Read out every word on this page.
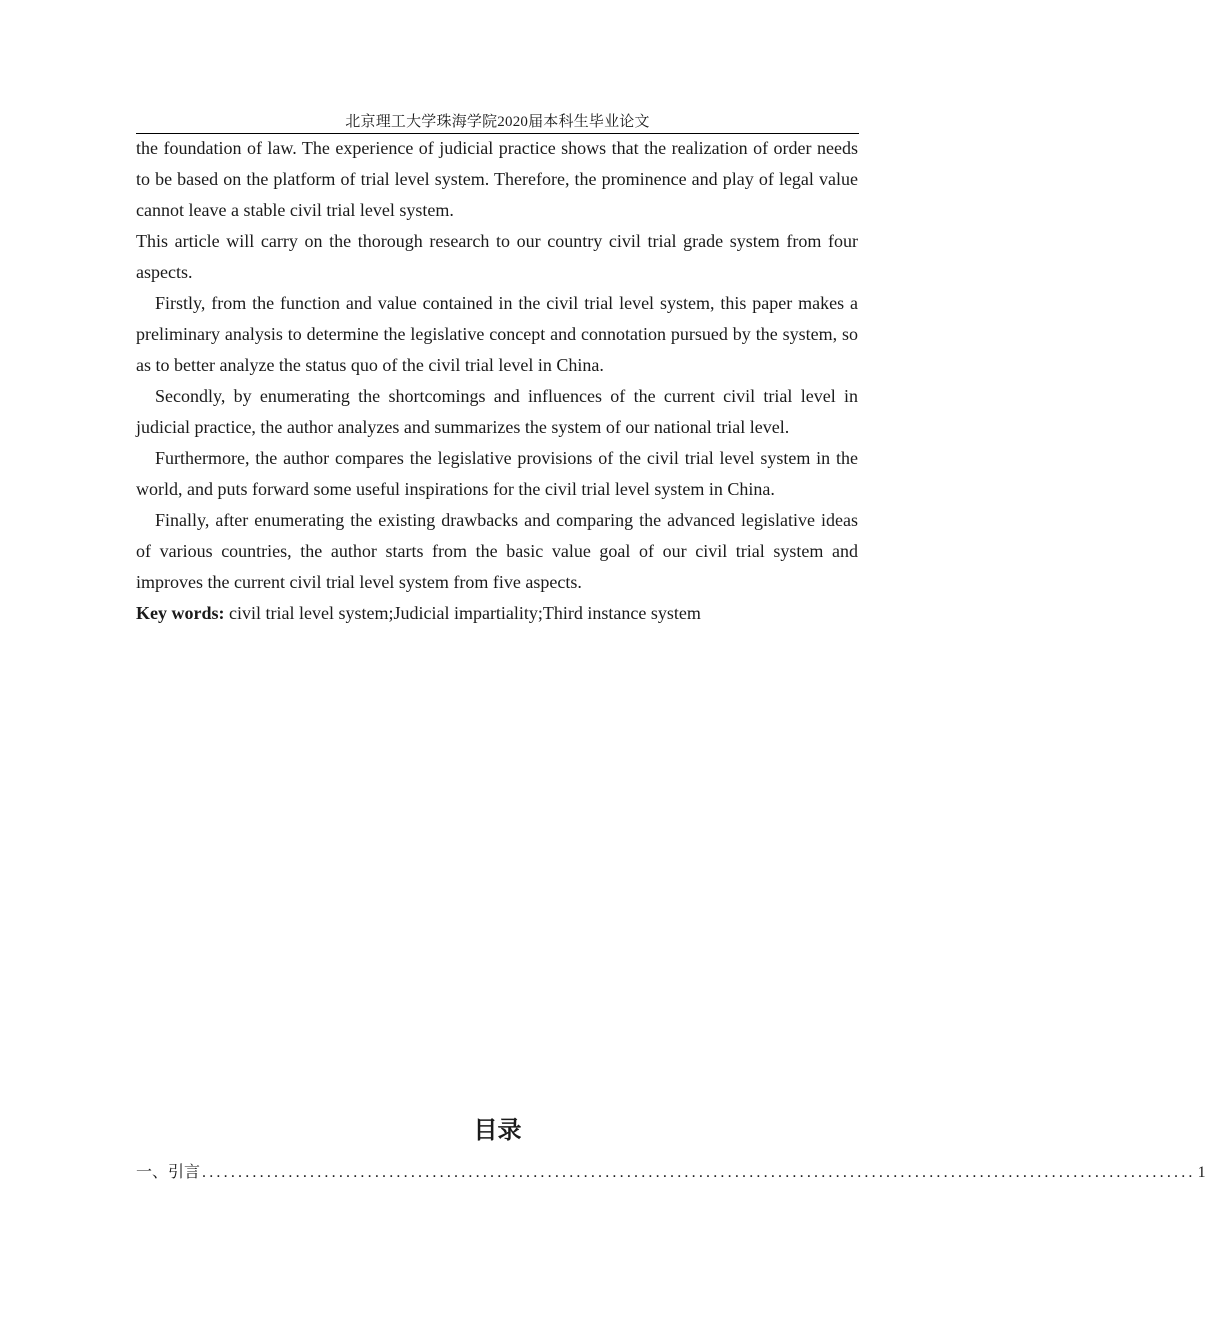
北京理工大学珠海学院2020届本科生毕业论文

the foundation of law. The experience of judicial practice shows that the realization of order needs to be based on the platform of trial level system. Therefore, the prominence and play of legal value cannot leave a stable civil trial level system.

This article will carry on the thorough research to our country civil trial grade system from four aspects.

Firstly, from the function and value contained in the civil trial level system, this paper makes a preliminary analysis to determine the legislative concept and connotation pursued by the system, so as to better analyze the status quo of the civil trial level in China.

Secondly, by enumerating the shortcomings and influences of the current civil trial level in judicial practice, the author analyzes and summarizes the system of our national trial level.

Furthermore, the author compares the legislative provisions of the civil trial level system in the world, and puts forward some useful inspirations for the civil trial level system in China.

Finally, after enumerating the existing drawbacks and comparing the advanced legislative ideas of various countries, the author starts from the basic value goal of our civil trial system and improves the current civil trial level system from five aspects.

Key words: civil trial level system;Judicial impartiality;Third instance system

目录
一、引言 .......................................................................................................................................... 1
